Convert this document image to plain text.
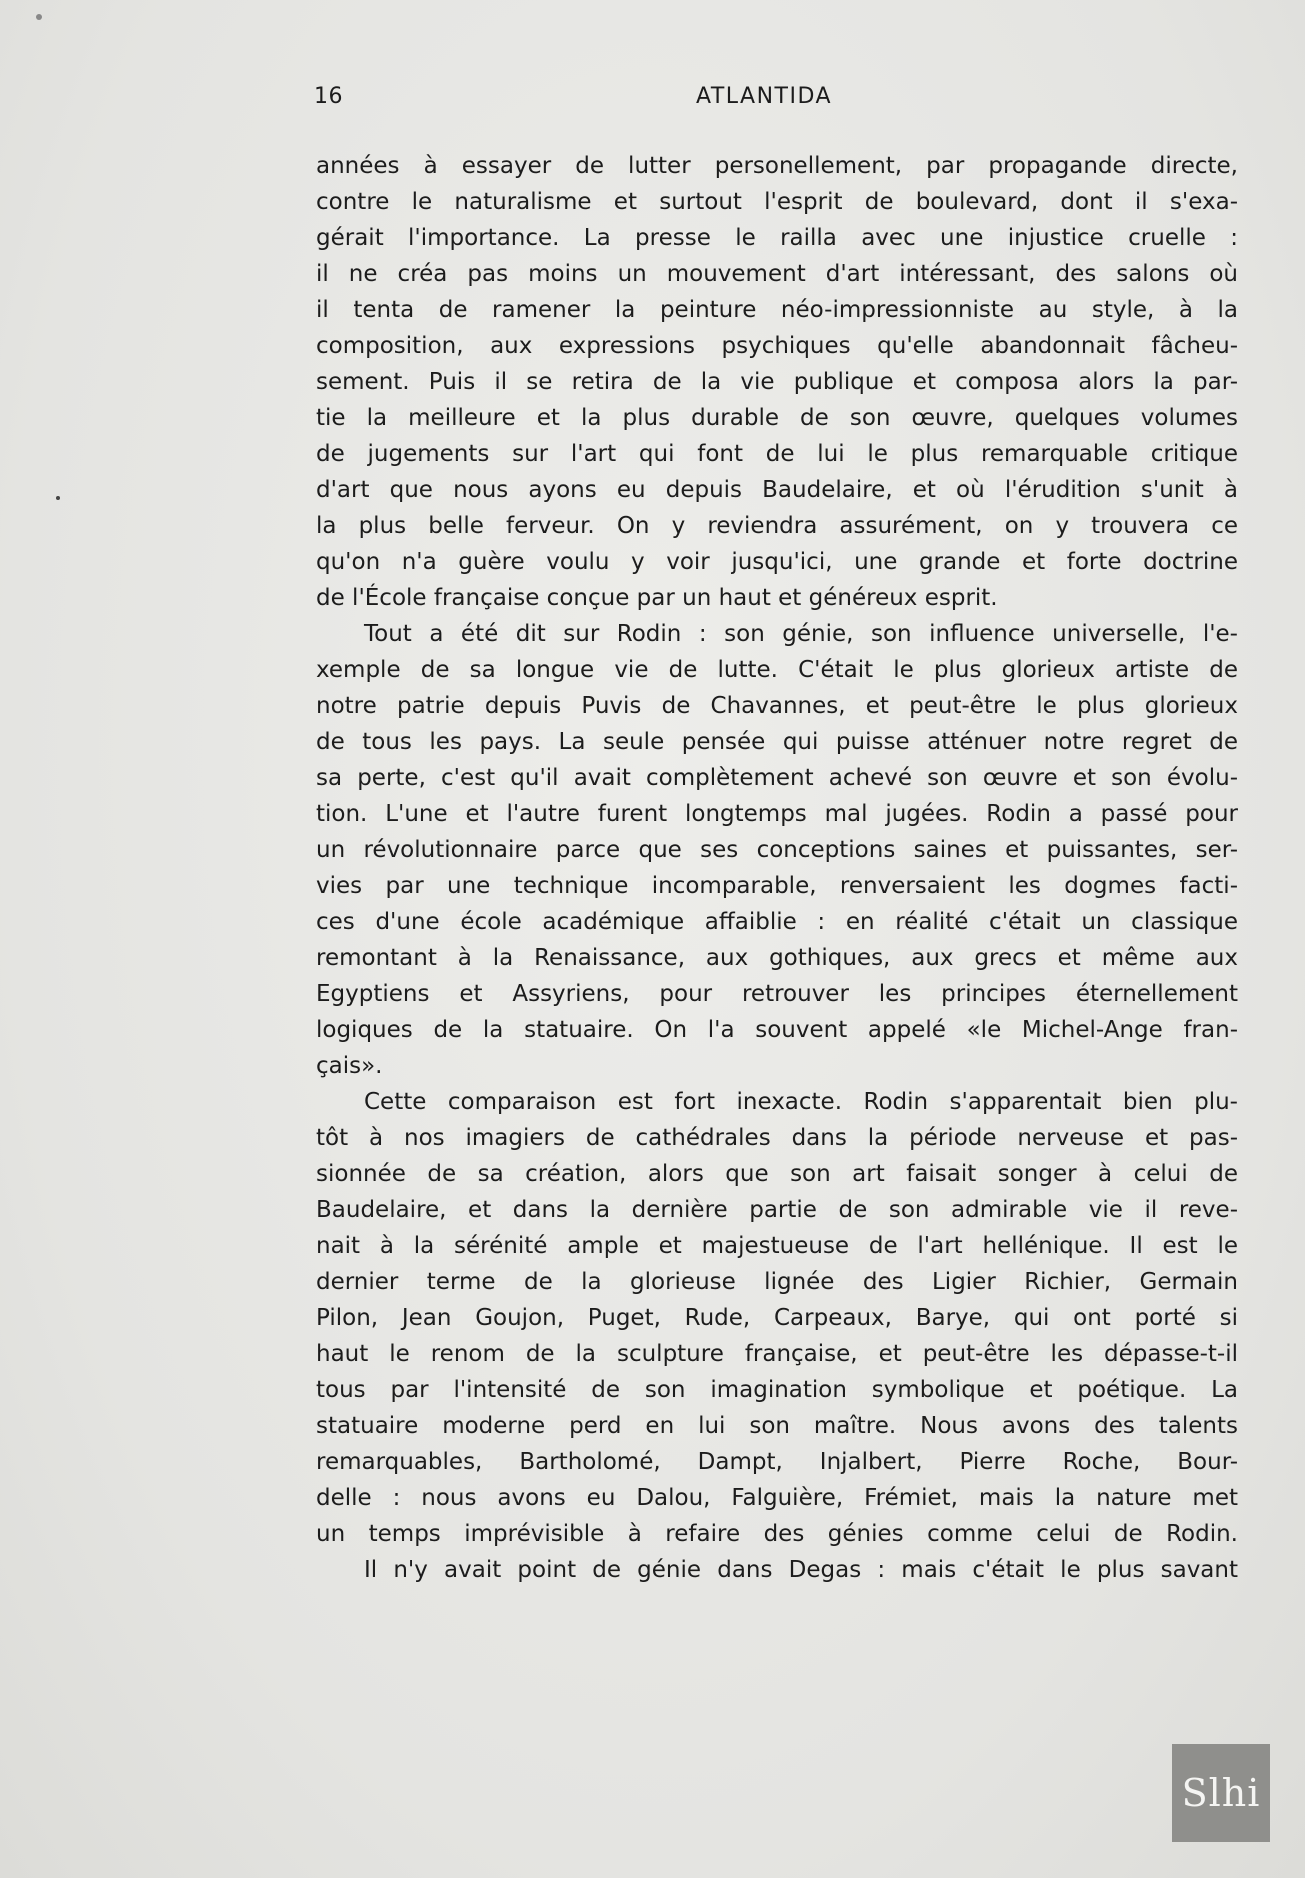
16	ATLANTIDA
années à essayer de lutter personellement, par propagande directe,
contre le naturalisme et surtout l'esprit de boulevard, dont il s'exa-
gérait l'importance. La presse le railla avec une injustice cruelle :
il ne créa pas moins un mouvement d'art intéressant, des salons où
il tenta de ramener la peinture néo-impressionniste au style, à la
composition, aux expressions psychiques qu'elle abandonnait fâcheu-
sement. Puis il se retira de la vie publique et composa alors la par-
tie la meilleure et la plus durable de son œuvre, quelques volumes
de jugements sur l'art qui font de lui le plus remarquable critique
d'art que nous ayons eu depuis Baudelaire, et où l'érudition s'unit à
la plus belle ferveur. On y reviendra assurément, on y trouvera ce
qu'on n'a guère voulu y voir jusqu'ici, une grande et forte doctrine
de l'École française conçue par un haut et généreux esprit.
Tout a été dit sur Rodin : son génie, son influence universelle, l'e-
xemple de sa longue vie de lutte. C'était le plus glorieux artiste de
notre patrie depuis Puvis de Chavannes, et peut-être le plus glorieux
de tous les pays. La seule pensée qui puisse atténuer notre regret de
sa perte, c'est qu'il avait complètement achevé son œuvre et son évolu-
tion. L'une et l'autre furent longtemps mal jugées. Rodin a passé pour
un révolutionnaire parce que ses conceptions saines et puissantes, ser-
vies par une technique incomparable, renversaient les dogmes facti-
ces d'une école académique affaiblie : en réalité c'était un classique
remontant à la Renaissance, aux gothiques, aux grecs et même aux
Egyptiens et Assyriens, pour retrouver les principes éternellement
logiques de la statuaire. On l'a souvent appelé «le Michel-Ange fran-
çais».
Cette comparaison est fort inexacte. Rodin s'apparentait bien plu-
tôt à nos imagiers de cathédrales dans la période nerveuse et pas-
sionnée de sa création, alors que son art faisait songer à celui de
Baudelaire, et dans la dernière partie de son admirable vie il reve-
nait à la sérénité ample et majestueuse de l'art hellénique. Il est le
dernier terme de la glorieuse lignée des Ligier Richier, Germain
Pilon, Jean Goujon, Puget, Rude, Carpeaux, Barye, qui ont porté si
haut le renom de la sculpture française, et peut-être les dépasse-t-il
tous par l'intensité de son imagination symbolique et poétique. La
statuaire moderne perd en lui son maître. Nous avons des talents
remarquables, Bartholomé, Dampt, Injalbert, Pierre Roche, Bour-
delle : nous avons eu Dalou, Falguière, Frémiet, mais la nature met
un temps imprévisible à refaire des génies comme celui de Rodin.
Il n'y avait point de génie dans Degas : mais c'était le plus savant
Slhi
